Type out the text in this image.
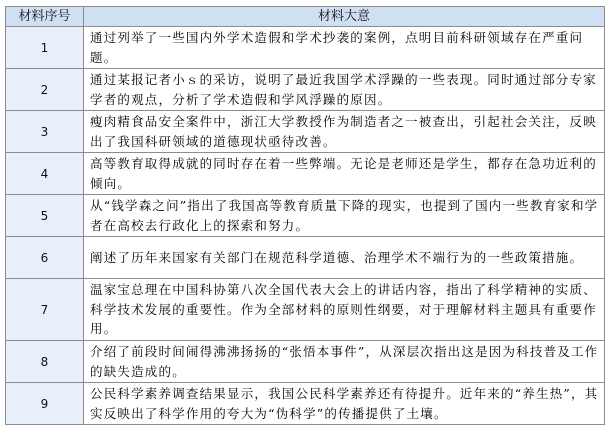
材料序号	材料大意
1	通过列举了一些国内外学术造假和学术抄袭的案例，点明目前科研领域存在严重问题。
2	通过某报记者小ｓ的采访，说明了最近我国学术浮躁的一些表现。同时通过部分专家学者的观点，分析了学术造假和学风浮躁的原因。
3	瘦肉精食品安全案件中，浙江大学教授作为制造者之一被查出，引起社会关注，反映出了我国科研领域的道德现状亟待改善。
4	高等教育取得成就的同时存在着一些弊端。无论是老师还是学生，都存在急功近利的倾向。
5	从“钱学森之问”指出了我国高等教育质量下降的现实，也提到了国内一些教育家和学者在高校去行政化上的探索和努力。
6	阐述了历年来国家有关部门在规范科学道德、治理学术不端行为的一些政策措施。
7	温家宝总理在中国科协第八次全国代表大会上的讲话内容，指出了科学精神的实质、科学技术发展的重要性。作为全部材料的原则性纲要，对于理解材料主题具有重要作用。
8	介绍了前段时间闹得沸沸扬扬的“张悟本事件”，从深层次指出这是因为科技普及工作的缺失造成的。
9	公民科学素养调查结果显示，我国公民科学素养还有待提升。近年来的“养生热”，其实反映出了科学作用的夸大为“伪科学”的传播提供了土壤。
